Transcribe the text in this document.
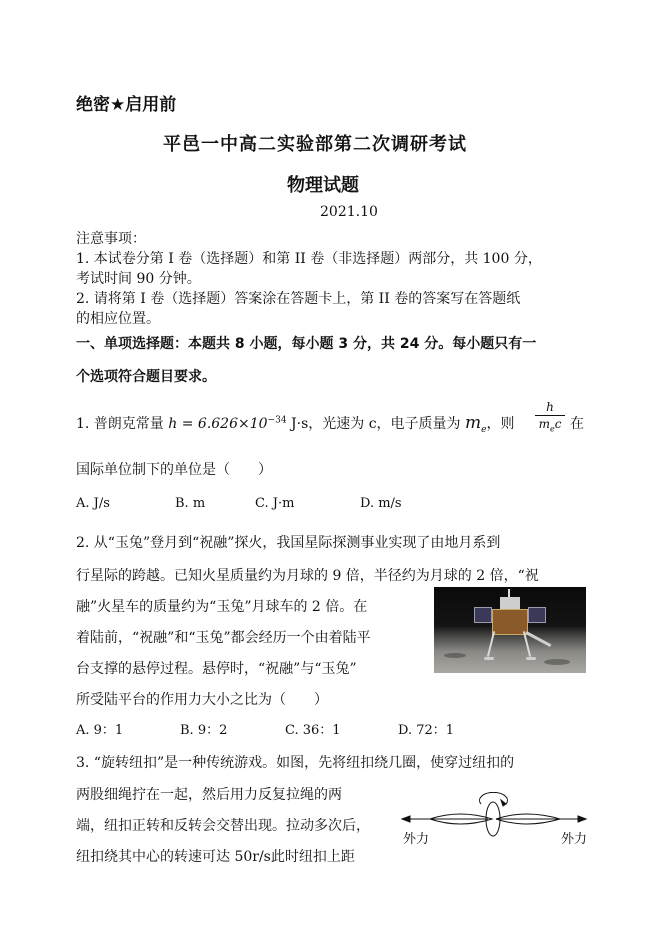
绝密★启用前
平邑一中高二实验部第二次调研考试
物理试题
2021.10
注意事项：
1. 本试卷分第 I 卷（选择题）和第 II 卷（非选择题）两部分，共 100 分，
考试时间 90 分钟。
2. 请将第 I 卷（选择题）答案涂在答题卡上，第 II 卷的答案写在答题纸
的相应位置。
一、单项选择题：本题共 8 小题，每小题 3 分，共 24 分。每小题只有一
个选项符合题目要求。
1. 普朗克常量 $h = 6.626\times 10^{-34}$ J·s，光速为 c，电子质量为 $m_e$，则
h
$m_ec$ 在
国际单位制下的单位是（　　）
A. J/s	B. m	C. J·m	D. m/s
2. 从“玉兔”登月到“祝融”探火，我国星际探测事业实现了由地月系到
行星际的跨越。已知火星质量约为月球的 9 倍，半径约为月球的 2 倍，“祝
融”火星车的质量约为“玉兔”月球车的 2 倍。在
着陆前，“祝融”和“玉兔”都会经历一个由着陆平
台支撑的悬停过程。悬停时，“祝融”与“玉兔”
所受陆平台的作用力大小之比为（　　）
A. 9：1	B. 9：2	C. 36：1	D. 72：1
3. “旋转纽扣”是一种传统游戏。如图，先将纽扣绕几圈，使穿过纽扣的
两股细绳拧在一起，然后用力反复拉绳的两
端，纽扣正转和反转会交替出现。拉动多次后，
纽扣绕其中心的转速可达 50r/s此时纽扣上距
外力	外力
